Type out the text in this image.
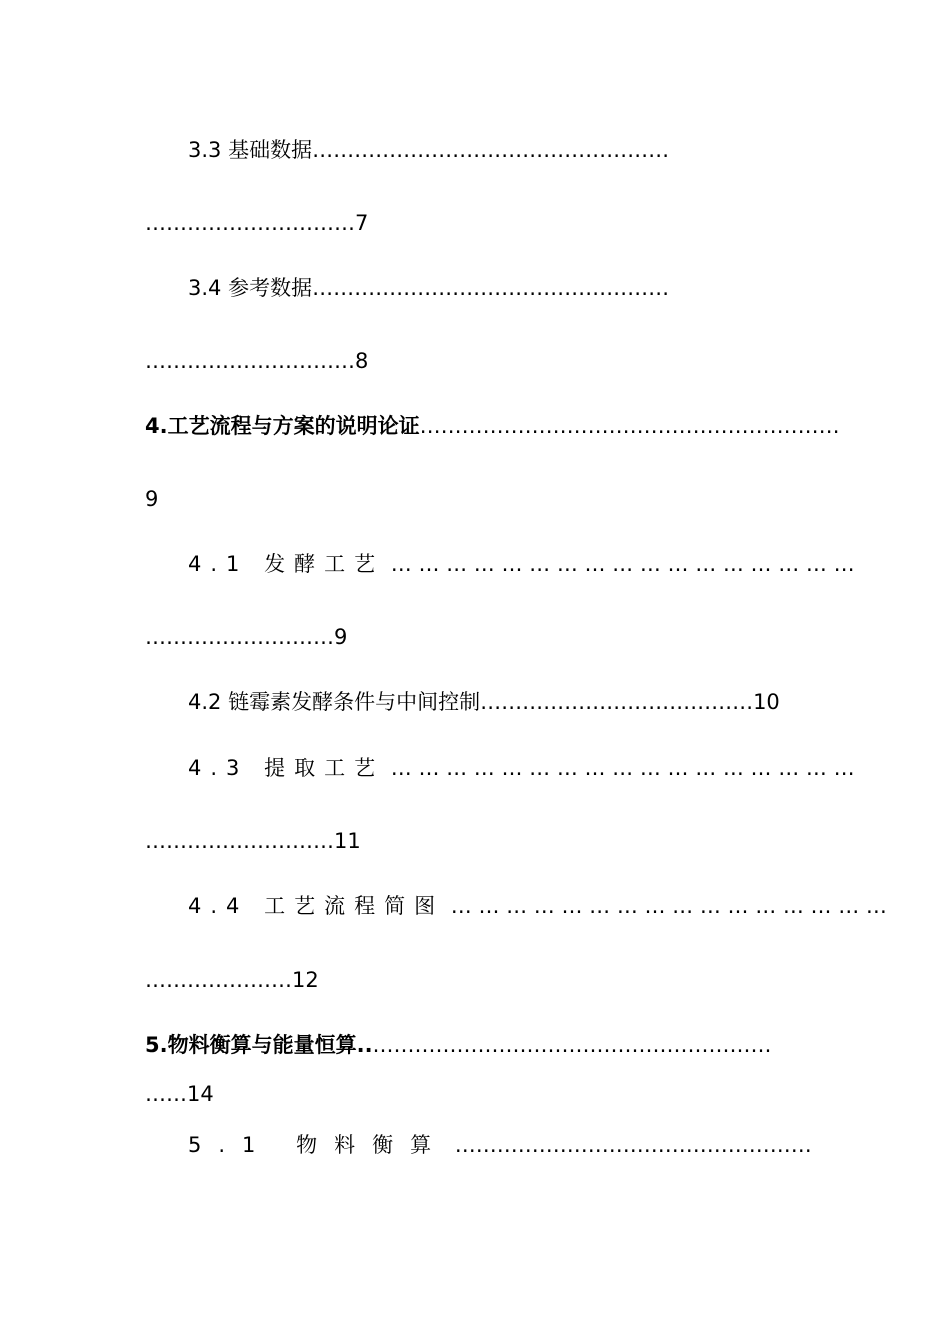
3.3 基础数据……………………………………………
…………………………7
3.4 参考数据……………………………………………
…………………………8
4.工艺流程与方案的说明论证……………………………………………………
9
4.1 发酵工艺 … … … … … … … … … … … … … … … … …
………………………9
4.2 链霉素发酵条件与中间控制…………………………………10
4.3 提取工艺 … … … … … … … … … … … … … … … … …
………………………11
4.4 工艺流程简图 … … … … … … … … … … … … … … … …
…………………12
5.物料衡算与能量恒算..…………………………………………………
……14
5.1 物料衡算 ……………………………………………
